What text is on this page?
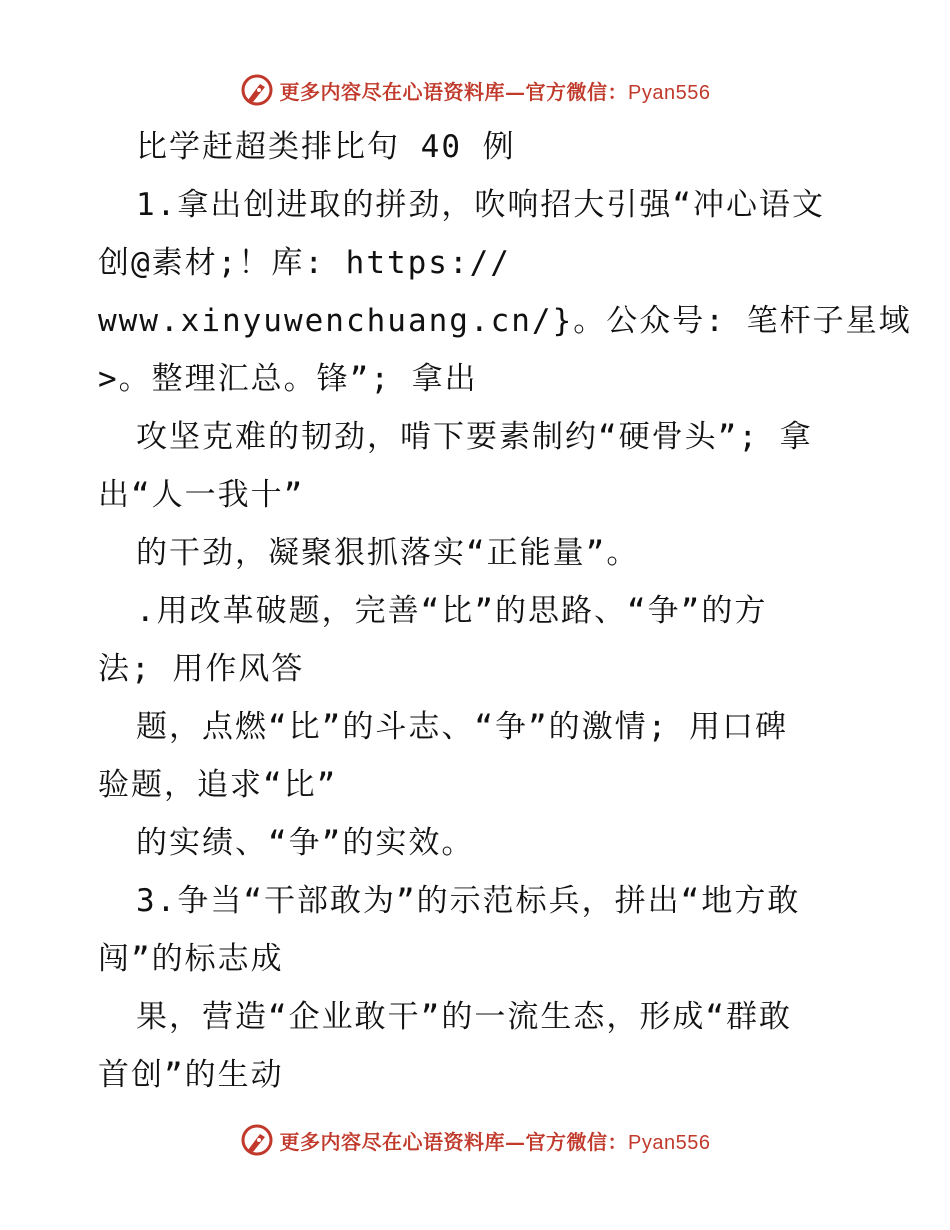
更多内容尽在心语资料库—官方微信：Pyan556
比学赶超类排比句 40 例
1.拿出创进取的拼劲，吹响招大引强“冲心语文
创@素材;！库: https://
www.xinyuwenchuang.cn/}。公众号: 笔杆子星域
>。整理汇总。锋”; 拿出
攻坚克难的韧劲，啃下要素制约“硬骨头”; 拿
出“人一我十”
的干劲，凝聚狠抓落实“正能量”。
.用改革破题，完善“比”的思路、“争”的方
法; 用作风答
题，点燃“比”的斗志、“争”的激情; 用口碑
验题，追求“比”
的实绩、“争”的实效。
3.争当“干部敢为”的示范标兵，拼出“地方敢
闯”的标志成
果，营造“企业敢干”的一流生态，形成“群敢
首创”的生动
更多内容尽在心语资料库—官方微信：Pyan556
